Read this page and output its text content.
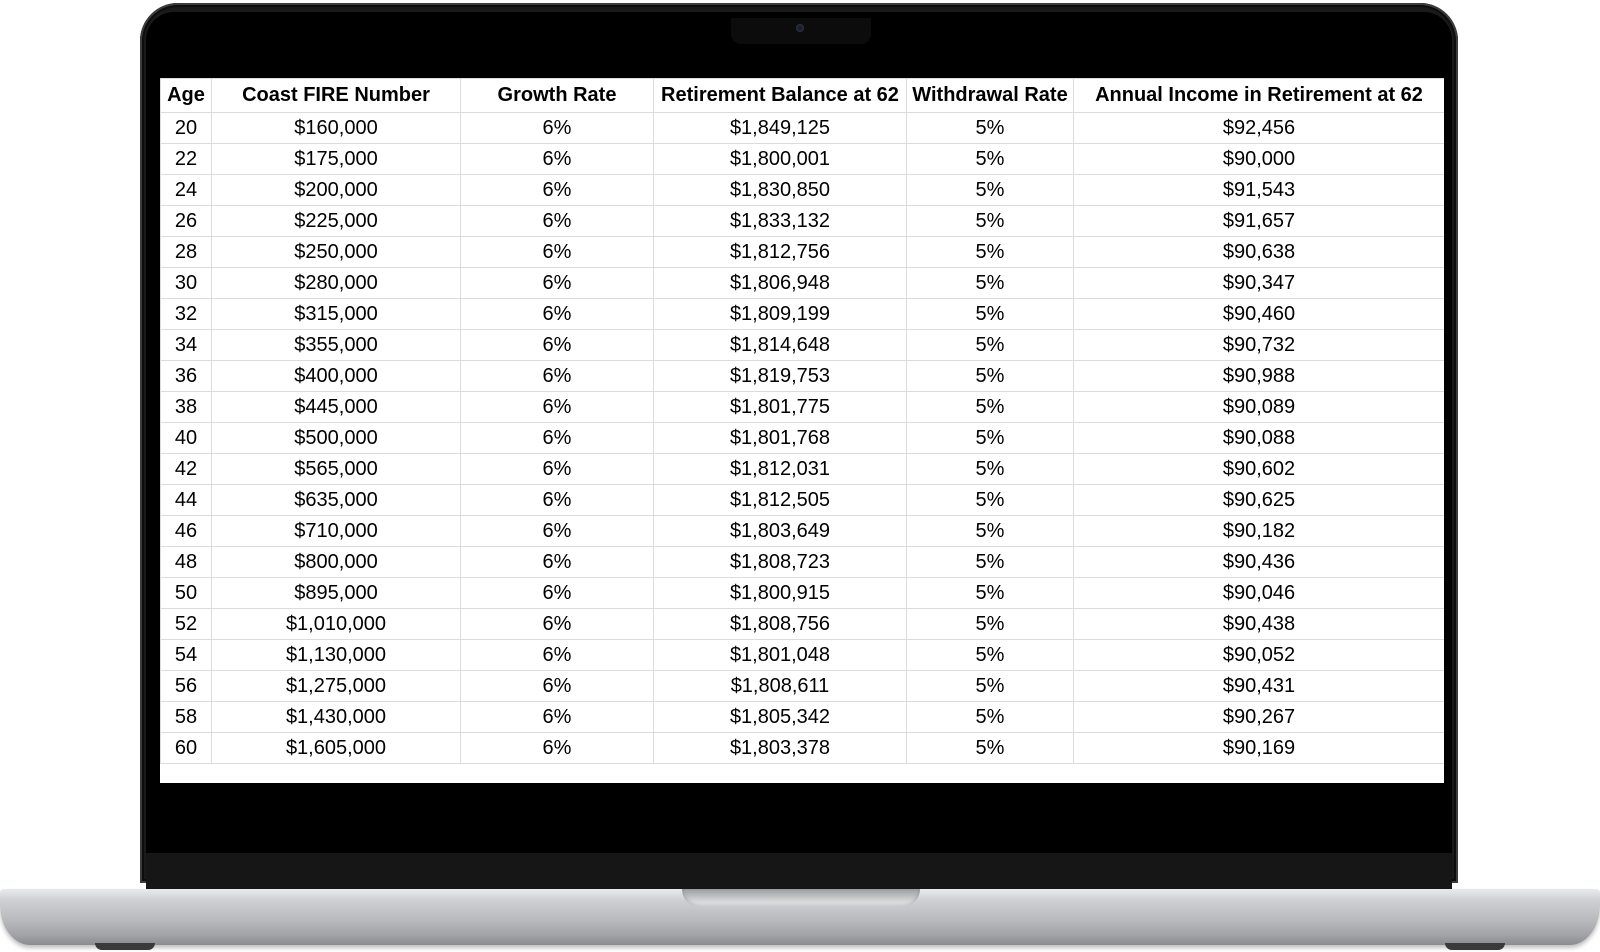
Age	Coast FIRE Number	Growth Rate	Retirement Balance at 62	Withdrawal Rate	Annual Income in Retirement at 62
20	$160,000	6%	$1,849,125	5%	$92,456
22	$175,000	6%	$1,800,001	5%	$90,000
24	$200,000	6%	$1,830,850	5%	$91,543
26	$225,000	6%	$1,833,132	5%	$91,657
28	$250,000	6%	$1,812,756	5%	$90,638
30	$280,000	6%	$1,806,948	5%	$90,347
32	$315,000	6%	$1,809,199	5%	$90,460
34	$355,000	6%	$1,814,648	5%	$90,732
36	$400,000	6%	$1,819,753	5%	$90,988
38	$445,000	6%	$1,801,775	5%	$90,089
40	$500,000	6%	$1,801,768	5%	$90,088
42	$565,000	6%	$1,812,031	5%	$90,602
44	$635,000	6%	$1,812,505	5%	$90,625
46	$710,000	6%	$1,803,649	5%	$90,182
48	$800,000	6%	$1,808,723	5%	$90,436
50	$895,000	6%	$1,800,915	5%	$90,046
52	$1,010,000	6%	$1,808,756	5%	$90,438
54	$1,130,000	6%	$1,801,048	5%	$90,052
56	$1,275,000	6%	$1,808,611	5%	$90,431
58	$1,430,000	6%	$1,805,342	5%	$90,267
60	$1,605,000	6%	$1,803,378	5%	$90,169
